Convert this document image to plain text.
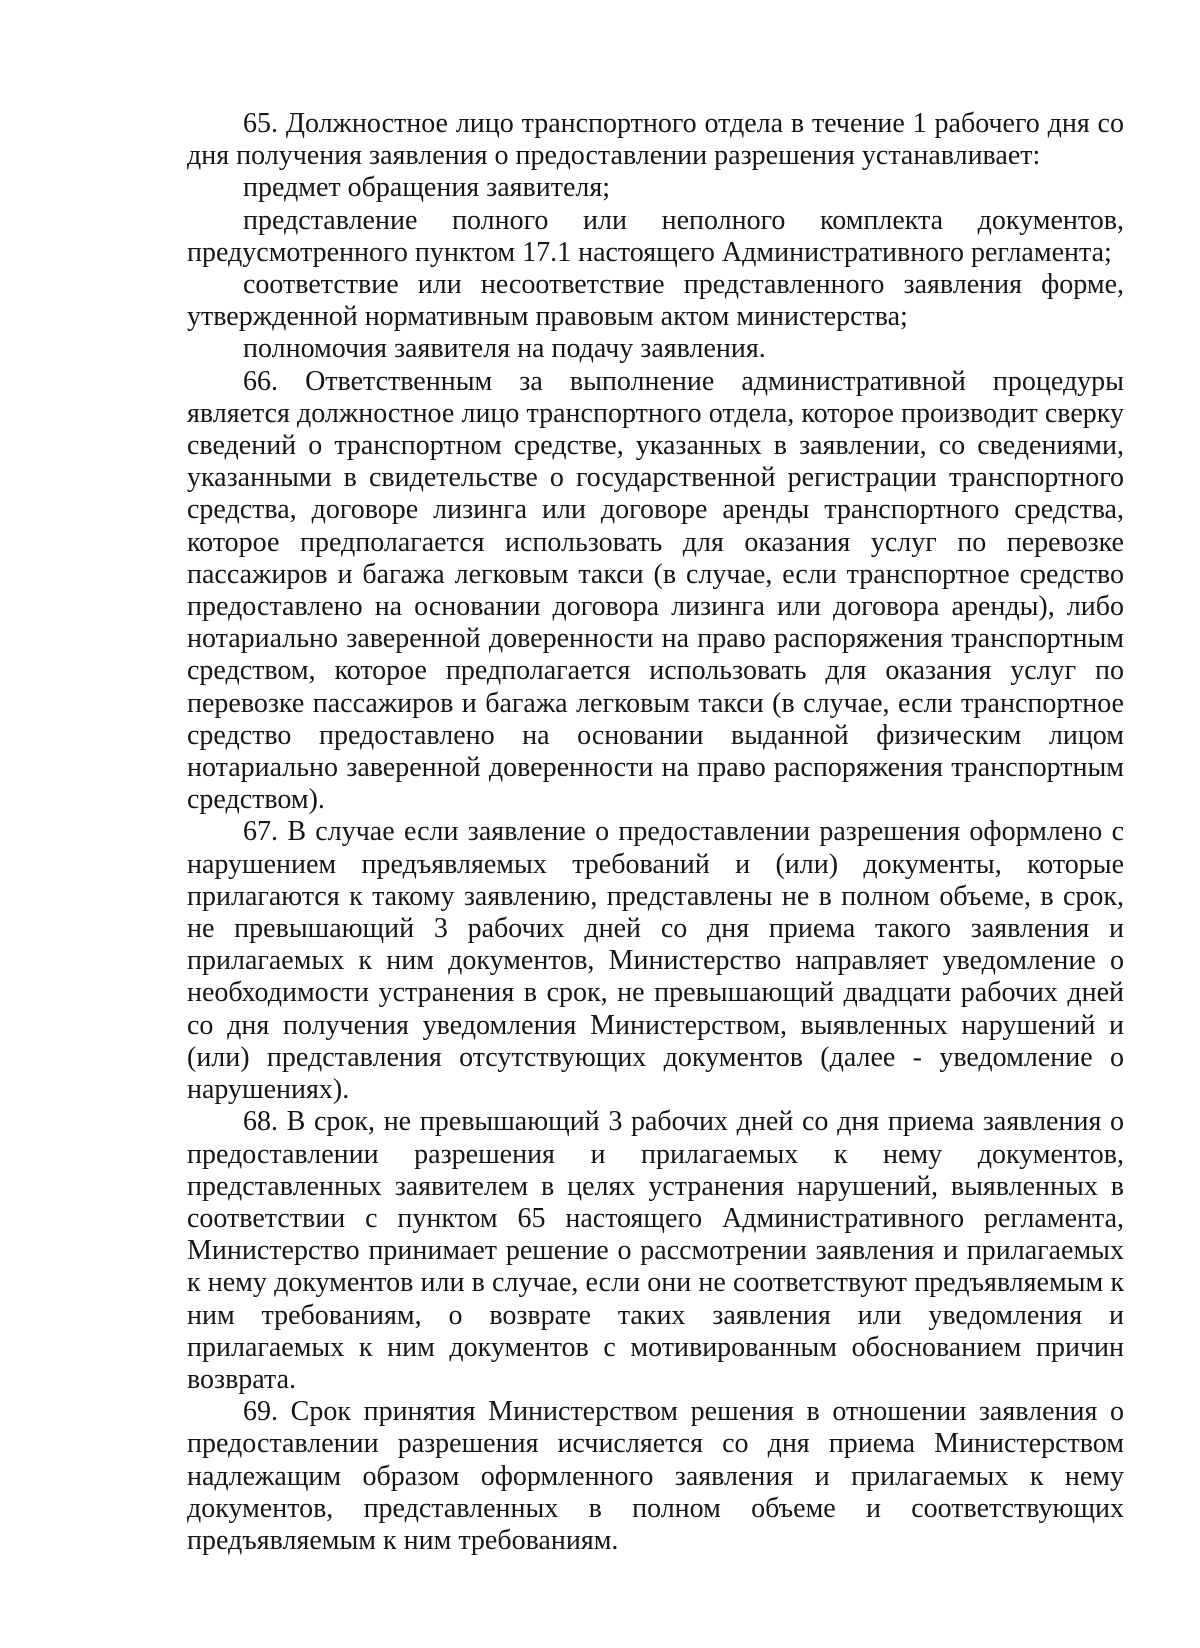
65. Должностное лицо транспортного отдела в течение 1 рабочего дня со дня получения заявления о предоставлении разрешения устанавливает:

предмет обращения заявителя;

представление полного или неполного комплекта документов, предусмотренного пунктом 17.1 настоящего Административного регламента;

соответствие или несоответствие представленного заявления форме, утвержденной нормативным правовым актом министерства;

полномочия заявителя на подачу заявления.

66. Ответственным за выполнение административной процедуры является должностное лицо транспортного отдела, которое производит сверку сведений о транспортном средстве, указанных в заявлении, со сведениями, указанными в свидетельстве о государственной регистрации транспортного средства, договоре лизинга или договоре аренды транспортного средства, которое предполагается использовать для оказания услуг по перевозке пассажиров и багажа легковым такси (в случае, если транспортное средство предоставлено на основании договора лизинга или договора аренды), либо нотариально заверенной доверенности на право распоряжения транспортным средством, которое предполагается использовать для оказания услуг по перевозке пассажиров и багажа легковым такси (в случае, если транспортное средство предоставлено на основании выданной физическим лицом нотариально заверенной доверенности на право распоряжения транспортным средством).

67. В случае если заявление о предоставлении разрешения оформлено с нарушением предъявляемых требований и (или) документы, которые прилагаются к такому заявлению, представлены не в полном объеме, в срок, не превышающий 3 рабочих дней со дня приема такого заявления и прилагаемых к ним документов, Министерство направляет уведомление о необходимости устранения в срок, не превышающий двадцати рабочих дней со дня получения уведомления Министерством, выявленных нарушений и (или) представления отсутствующих документов (далее - уведомление о нарушениях).

68. В срок, не превышающий 3 рабочих дней со дня приема заявления о предоставлении разрешения и прилагаемых к нему документов, представленных заявителем в целях устранения нарушений, выявленных в соответствии с пунктом 65 настоящего Административного регламента, Министерство принимает решение о рассмотрении заявления и прилагаемых к нему документов или в случае, если они не соответствуют предъявляемым к ним требованиям, о возврате таких заявления или уведомления и прилагаемых к ним документов с мотивированным обоснованием причин возврата.

69. Срок принятия Министерством решения в отношении заявления о предоставлении разрешения исчисляется со дня приема Министерством надлежащим образом оформленного заявления и прилагаемых к нему документов, представленных в полном объеме и соответствующих предъявляемым к ним требованиям.
